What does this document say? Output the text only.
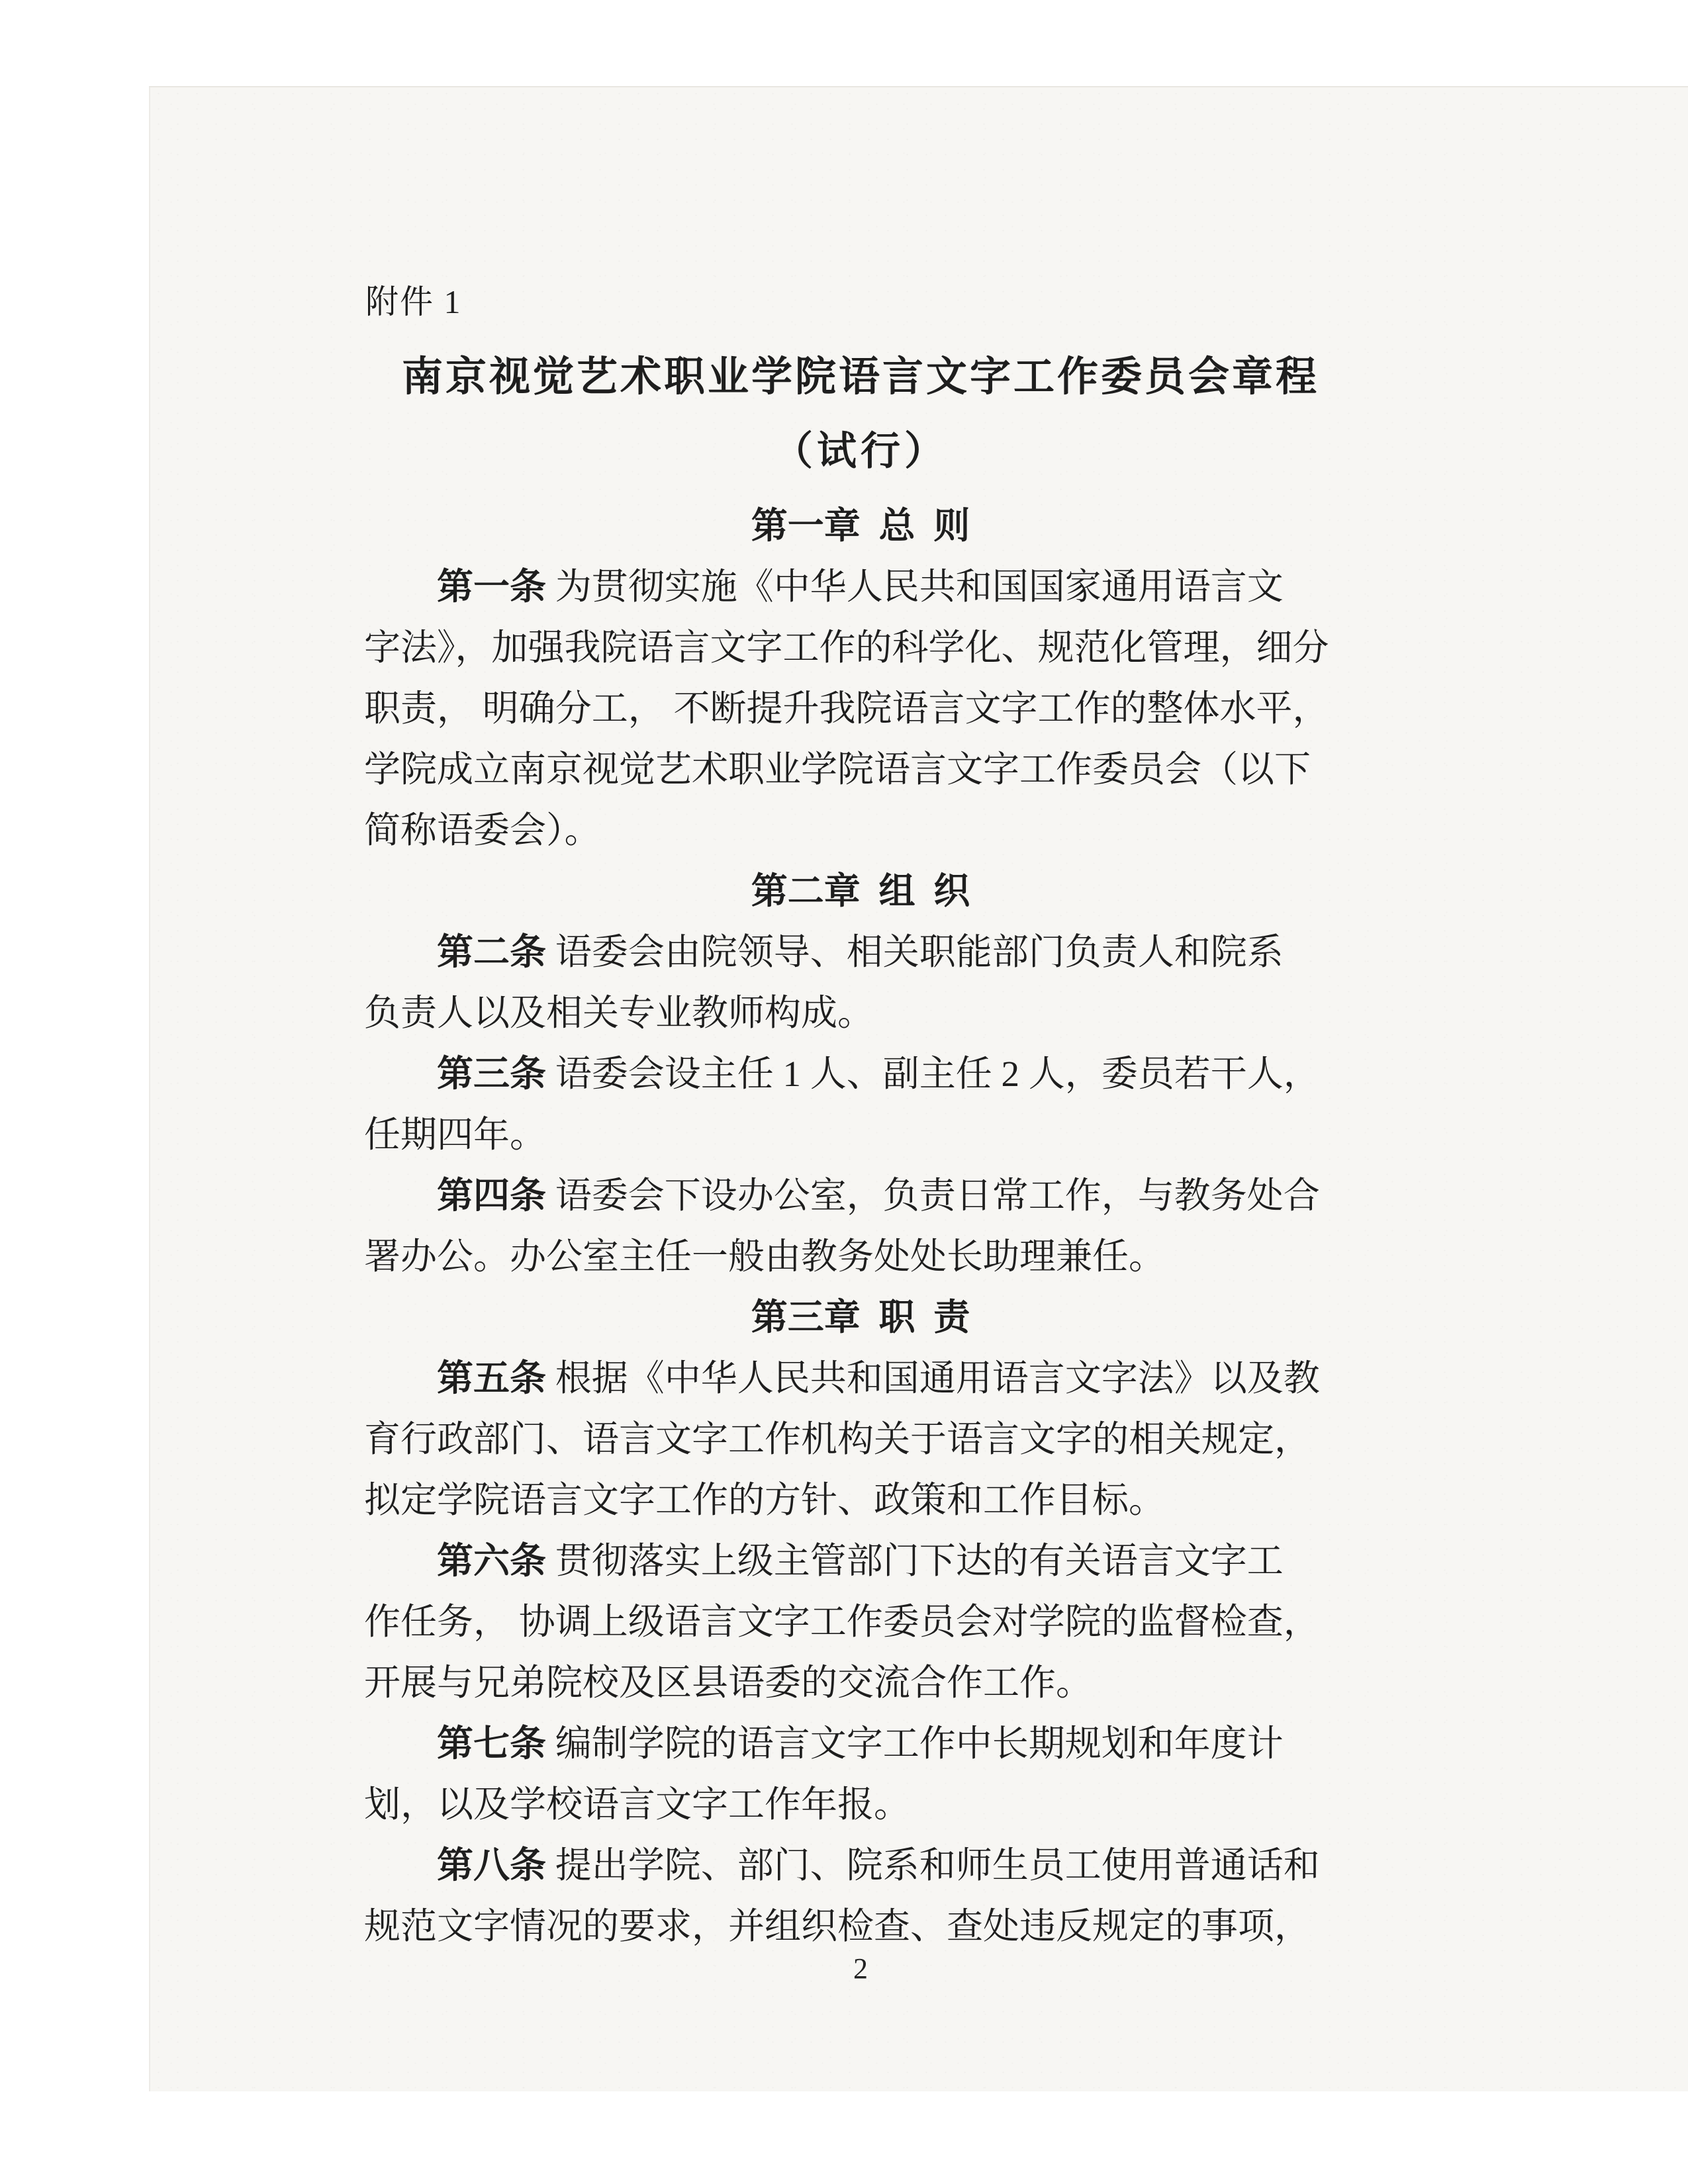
附件 1
南京视觉艺术职业学院语言文字工作委员会章程
（试行）
第一章 总 则
第一条 为贯彻实施《中华人民共和国国家通用语言文
字法》，加强我院语言文字工作的科学化、规范化管理，细分
职责， 明确分工， 不断提升我院语言文字工作的整体水平，
学院成立南京视觉艺术职业学院语言文字工作委员会（以下
简称语委会）。
第二章 组 织
第二条 语委会由院领导、相关职能部门负责人和院系
负责人以及相关专业教师构成。
第三条 语委会设主任 1 人、副主任 2 人，委员若干人，
任期四年。
第四条 语委会下设办公室，负责日常工作，与教务处合
署办公。办公室主任一般由教务处处长助理兼任。
第三章 职 责
第五条 根据《中华人民共和国通用语言文字法》以及教
育行政部门、语言文字工作机构关于语言文字的相关规定，
拟定学院语言文字工作的方针、政策和工作目标。
第六条 贯彻落实上级主管部门下达的有关语言文字工
作任务， 协调上级语言文字工作委员会对学院的监督检查，
开展与兄弟院校及区县语委的交流合作工作。
第七条 编制学院的语言文字工作中长期规划和年度计
划，以及学校语言文字工作年报。
第八条 提出学院、部门、院系和师生员工使用普通话和
规范文字情况的要求，并组织检查、查处违反规定的事项，
2
